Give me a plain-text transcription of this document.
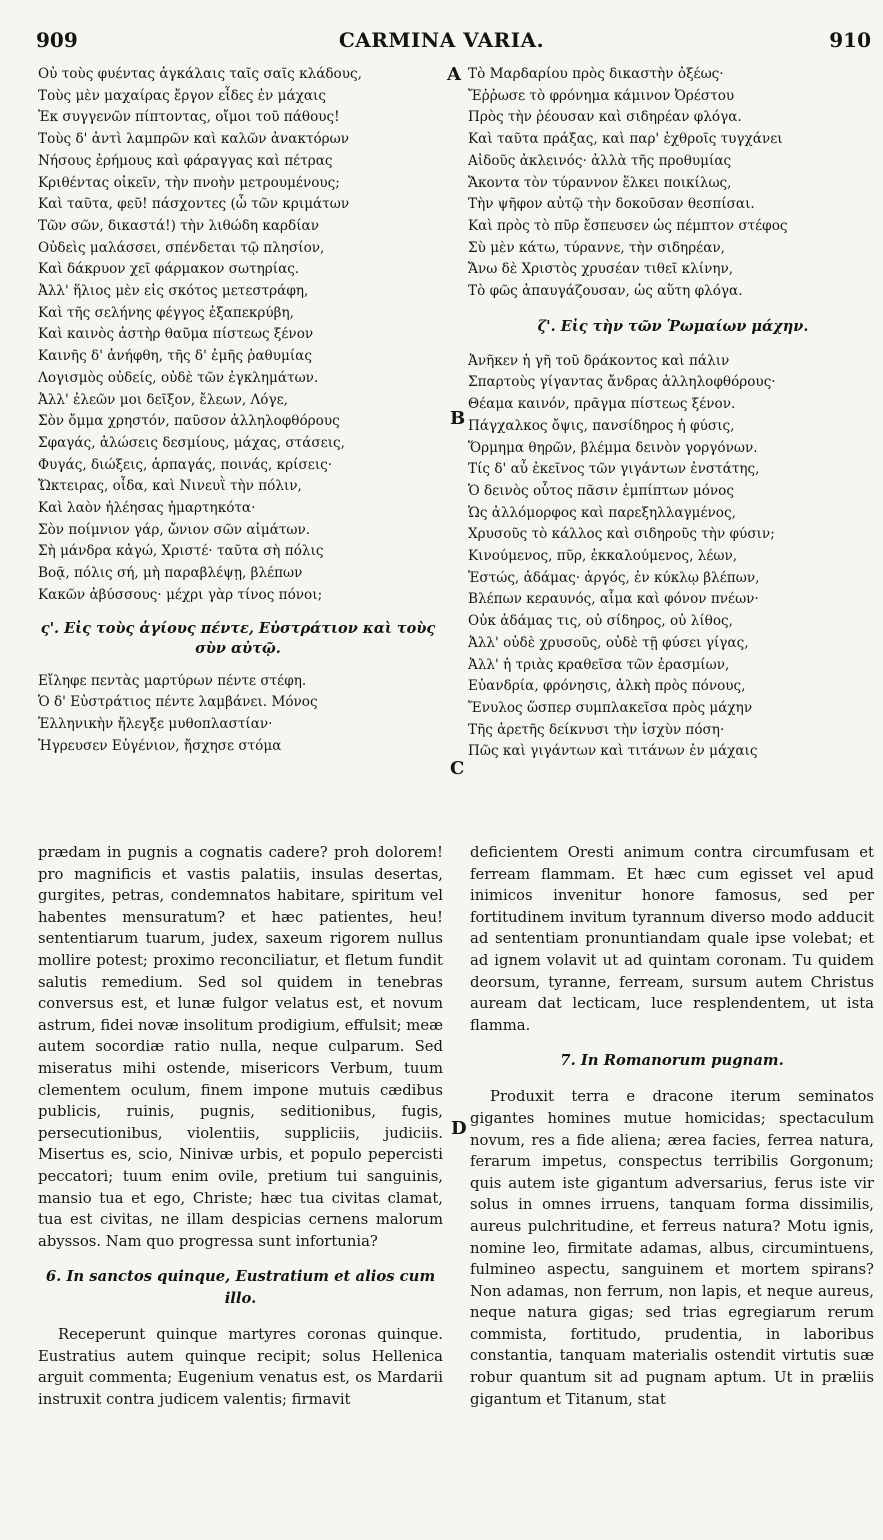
909	CARMINA VARIA.	910
A
B
C
D
Οὐ τοὺς φυέντας ἀγκάλαις ταῖς σαῖς κλάδους,
Τοὺς μὲν μαχαίρας ἔργον εἶδες ἐν μάχαις
Ἐκ συγγενῶν πίπτοντας, οἴμοι τοῦ πάθους!
Τοὺς δ' ἀντὶ λαμπρῶν καὶ καλῶν ἀνακτόρων
Νήσους ἐρήμους καὶ φάραγγας καὶ πέτρας
Κριθέντας οἰκεῖν, τὴν πνοὴν μετρουμένους;
Καὶ ταῦτα, φεῦ! πάσχοντες (ὦ τῶν κριμάτων
Τῶν σῶν, δικαστά!) τὴν λιθώδη καρδίαν
Οὐδεὶς μαλάσσει, σπένδεται τῷ πλησίον,
Καὶ δάκρυον χεῖ φάρμακον σωτηρίας.
Ἀλλ' ἥλιος μὲν εἰς σκότος μετεστράφη,
Καὶ τῆς σελήνης φέγγος ἐξαπεκρύβη,
Καὶ καινὸς ἀστὴρ θαῦμα πίστεως ξένον
Καινῆς δ' ἀνήφθη, τῆς δ' ἐμῆς ῥαθυμίας
Λογισμὸς οὐδείς, οὐδὲ τῶν ἐγκλημάτων.
Ἀλλ' ἐλεῶν μοι δεῖξον, ἔλεων, Λόγε,
Σὸν ὄμμα χρηστόν, παῦσον ἀλληλοφθόρους
Σφαγάς, ἁλώσεις δεσμίους, μάχας, στάσεις,
Φυγάς, διώξεις, ἁρπαγάς, ποινάς, κρίσεις·
Ὤκτειρας, οἶδα, καὶ Νινευῒ τὴν πόλιν,
Καὶ λαὸν ἠλέησας ἡμαρτηκότα·
Σὸν ποίμνιον γάρ, ὤνιον σῶν αἱμάτων.
Σὴ μάνδρα κἀγώ, Χριστέ· ταῦτα σὴ πόλις
Βοᾷ, πόλις σή, μὴ παραβλέψῃ, βλέπων
Κακῶν ἀβύσσους· μέχρι γὰρ τίνος πόνοι;
ς'. Εἰς τοὺς ἁγίους πέντε, Εὐστράτιον καὶ τοὺς σὺν αὐτῷ.
Εἴληφε πεντὰς μαρτύρων πέντε στέφη.
Ὁ δ' Εὐστράτιος πέντε λαμβάνει. Μόνος
Ἑλληνικὴν ἤλεγξε μυθοπλαστίαν·
Ἠγρευσεν Εὐγένιον, ἤσχησε στόμα
Τὸ Μαρδαρίου πρὸς δικαστὴν ὀξέως·
Ἔῤῥωσε τὸ φρόνημα κάμινον Ὀρέστου
Πρὸς τὴν ῥέουσαν καὶ σιδηρέαν φλόγα.
Καὶ ταῦτα πράξας, καὶ παρ' ἐχθροῖς τυγχάνει
Αἰδοῦς ἀκλεινός· ἀλλὰ τῆς προθυμίας
Ἄκοντα τὸν τύραννον ἕλκει ποικίλως,
Τὴν ψῆφον αὐτῷ τὴν δοκοῦσαν θεσπίσαι.
Καὶ πρὸς τὸ πῦρ ἔσπευσεν ὡς πέμπτον στέφος
Σὺ μὲν κάτω, τύραννε, τὴν σιδηρέαν,
Ἄνω δὲ Χριστὸς χρυσέαν τιθεῖ κλίνην,
Τὸ φῶς ἀπαυγάζουσαν, ὡς αὕτη φλόγα.
ζ'. Εἰς τὴν τῶν Ῥωμαίων μάχην.
Ἀνῆκεν ἡ γῆ τοῦ δράκοντος καὶ πάλιν
Σπαρτοὺς γίγαντας ἄνδρας ἀλληλοφθόρους·
Θέαμα καινόν, πρᾶγμα πίστεως ξένον.
Πάγχαλκος ὄψις, πανσίδηρος ἡ φύσις,
Ὅρμημα θηρῶν, βλέμμα δεινὸν γοργόνων.
Τίς δ' αὖ ἐκεῖνος τῶν γιγάντων ἐνστάτης,
Ὁ δεινὸς οὗτος πᾶσιν ἐμπίπτων μόνος
Ὡς ἀλλόμορφος καὶ παρεξηλλαγμένος,
Χρυσοῦς τὸ κάλλος καὶ σιδηροῦς τὴν φύσιν;
Κινούμενος, πῦρ, ἐκκαλούμενος, λέων,
Ἑστώς, ἀδάμας· ἀργός, ἐν κύκλῳ βλέπων,
Βλέπων κεραυνός, αἷμα καὶ φόνον πνέων·
Οὐκ ἀδάμας τις, οὐ σίδηρος, οὐ λίθος,
Ἀλλ' οὐδὲ χρυσοῦς, οὐδὲ τῇ φύσει γίγας,
Ἀλλ' ἡ τριὰς κραθεῖσα τῶν ἐρασμίων,
Εὐανδρία, φρόνησις, ἀλκὴ πρὸς πόνους,
Ἔνυλος ὥσπερ συμπλακεῖσα πρὸς μάχην
Τῆς ἀρετῆς δείκνυσι τὴν ἰσχὺν πόση·
Πῶς καὶ γιγάντων καὶ τιτάνων ἐν μάχαις
prædam in pugnis a cognatis cadere? proh dolorem! pro magnificis et vastis palatiis, insulas desertas, gurgites, petras, condemnatos habitare, spiritum vel habentes mensuratum? et hæc patientes, heu! sententiarum tuarum, judex, saxeum rigorem nullus mollire potest; proximo reconciliatur, et fletum fundit salutis remedium. Sed sol quidem in tenebras conversus est, et lunæ fulgor velatus est, et novum astrum, fidei novæ insolitum prodigium, effulsit; meæ autem socordiæ ratio nulla, neque culparum. Sed miseratus mihi ostende, misericors Verbum, tuum clementem oculum, finem impone mutuis cædibus publicis, ruinis, pugnis, seditionibus, fugis, persecutionibus, violentiis, suppliciis, judiciis. Misertus es, scio, Ninivæ urbis, et populo pepercisti peccatori; tuum enim ovile, pretium tui sanguinis, mansio tua et ego, Christe; hæc tua civitas clamat, tua est civitas, ne illam despicias cernens malorum abyssos. Nam quo progressa sunt infortunia?
6. In sanctos quinque, Eustratium et alios cum illo.
Receperunt quinque martyres coronas quinque. Eustratius autem quinque recipit; solus Hellenica arguit commenta; Eugenium venatus est, os Mardarii instruxit contra judicem valentis; firmavit
deficientem Oresti animum contra circumfusam et ferream flammam. Et hæc cum egisset vel apud inimicos invenitur honore famosus, sed per fortitudinem invitum tyrannum diverso modo adducit ad sententiam pronuntiandam quale ipse volebat; et ad ignem volavit ut ad quintam coronam. Tu quidem deorsum, tyranne, ferream, sursum autem Christus auream dat lecticam, luce resplendentem, ut ista flamma.
7. In Romanorum pugnam.
Produxit terra e dracone iterum seminatos gigantes homines mutue homicidas; spectaculum novum, res a fide aliena; ærea facies, ferrea natura, ferarum impetus, conspectus terribilis Gorgonum; quis autem iste gigantum adversarius, ferus iste vir solus in omnes irruens, tanquam forma dissimilis, aureus pulchritudine, et ferreus natura? Motu ignis, nomine leo, firmitate adamas, albus, circumintuens, fulmineo aspectu, sanguinem et mortem spirans? Non adamas, non ferrum, non lapis, et neque aureus, neque natura gigas; sed trias egregiarum rerum commista, fortitudo, prudentia, in laboribus constantia, tanquam materialis ostendit virtutis suæ robur quantum sit ad pugnam aptum. Ut in præliis gigantum et Titanum, stat
